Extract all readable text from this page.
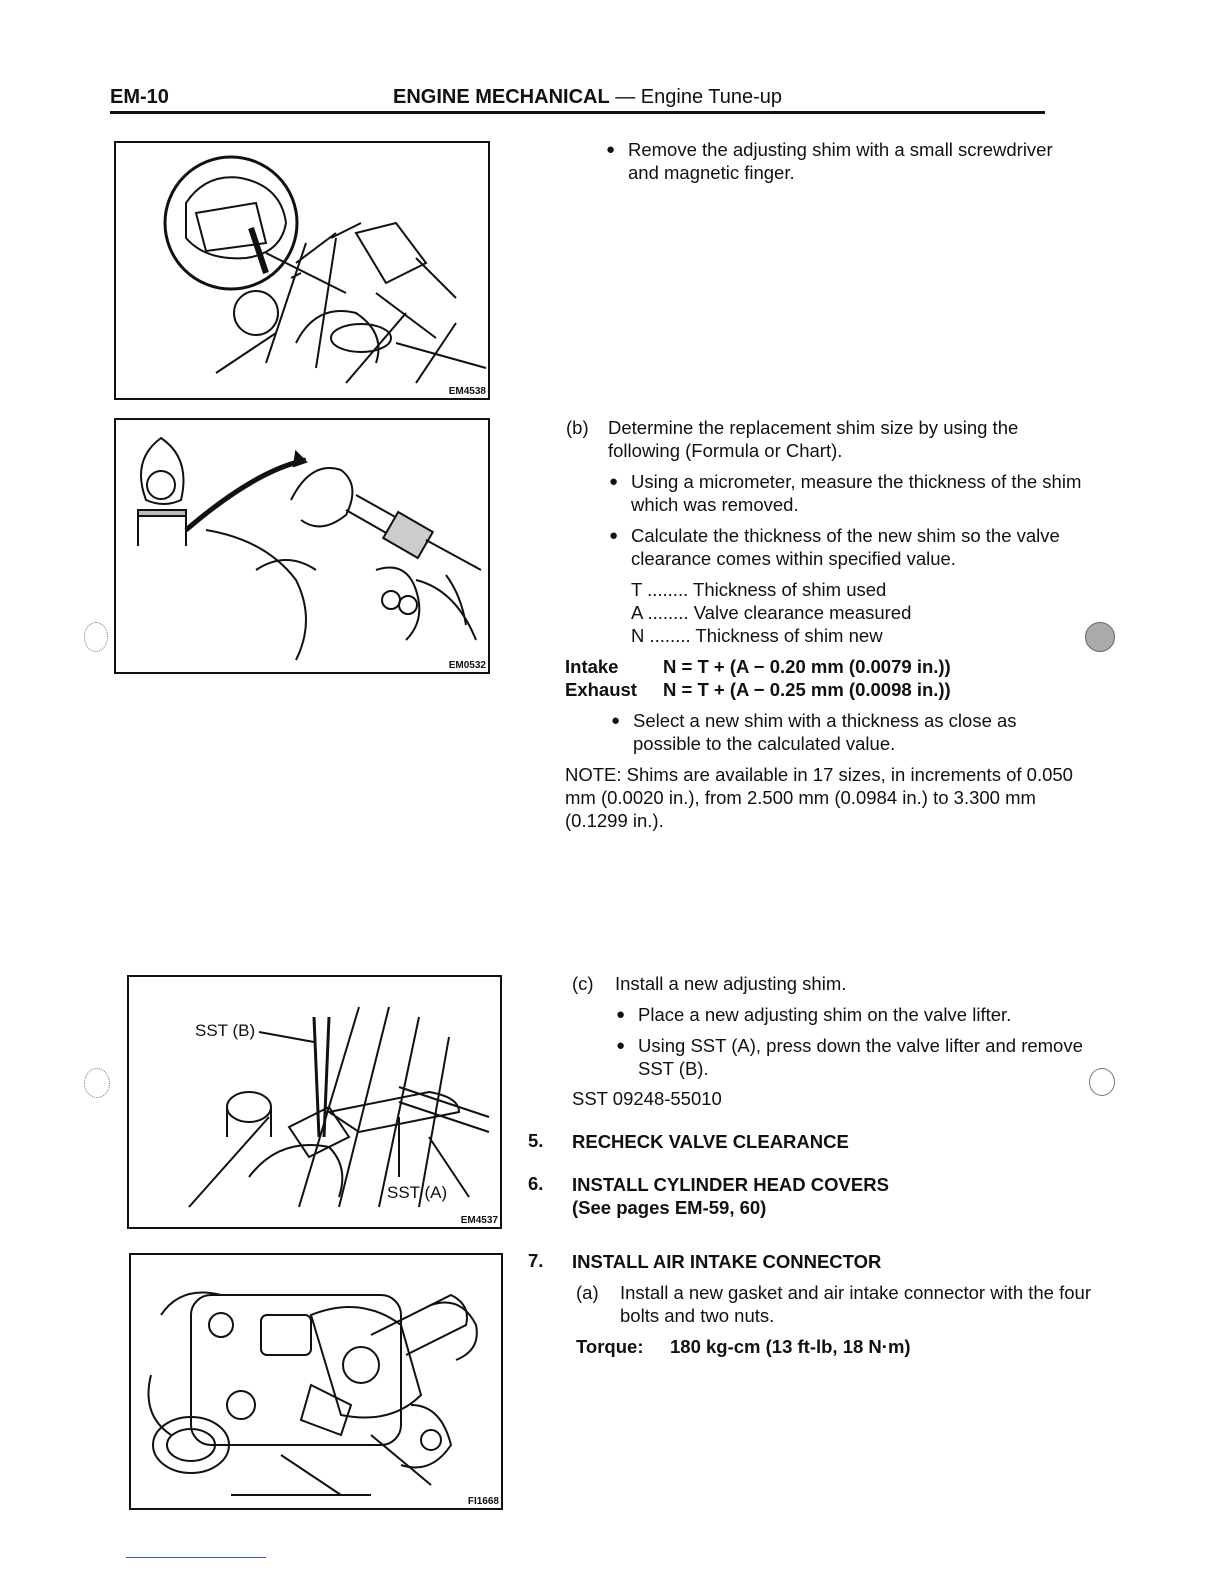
EM-10	ENGINE MECHANICAL — Engine Tune-up
EM4538
EM0532
SST (B)
SST (A)
EM4537
FI1668
● Remove the adjusting shim with a small screwdriver and magnetic finger.
(b) Determine the replacement shim size by using the following (Formula or Chart).
● Using a micrometer, measure the thickness of the shim which was removed.
● Calculate the thickness of the new shim so the valve clearance comes within specified value.
T ........ Thickness of shim used
A ........ Valve clearance measured
N ........ Thickness of shim new
Intake N = T + (A − 0.20 mm (0.0079 in.))
Exhaust N = T + (A − 0.25 mm (0.0098 in.))
● Select a new shim with a thickness as close as possible to the calculated value.
NOTE: Shims are available in 17 sizes, in increments of 0.050 mm (0.0020 in.), from 2.500 mm (0.0984 in.) to 3.300 mm (0.1299 in.).
(c) Install a new adjusting shim.
● Place a new adjusting shim on the valve lifter.
● Using SST (A), press down the valve lifter and remove SST (B).
SST 09248-55010
5. RECHECK VALVE CLEARANCE
6. INSTALL CYLINDER HEAD COVERS
(See pages EM-59, 60)
7. INSTALL AIR INTAKE CONNECTOR
(a) Install a new gasket and air intake connector with the four bolts and two nuts.
Torque: 180 kg-cm (13 ft-lb, 18 N·m)
